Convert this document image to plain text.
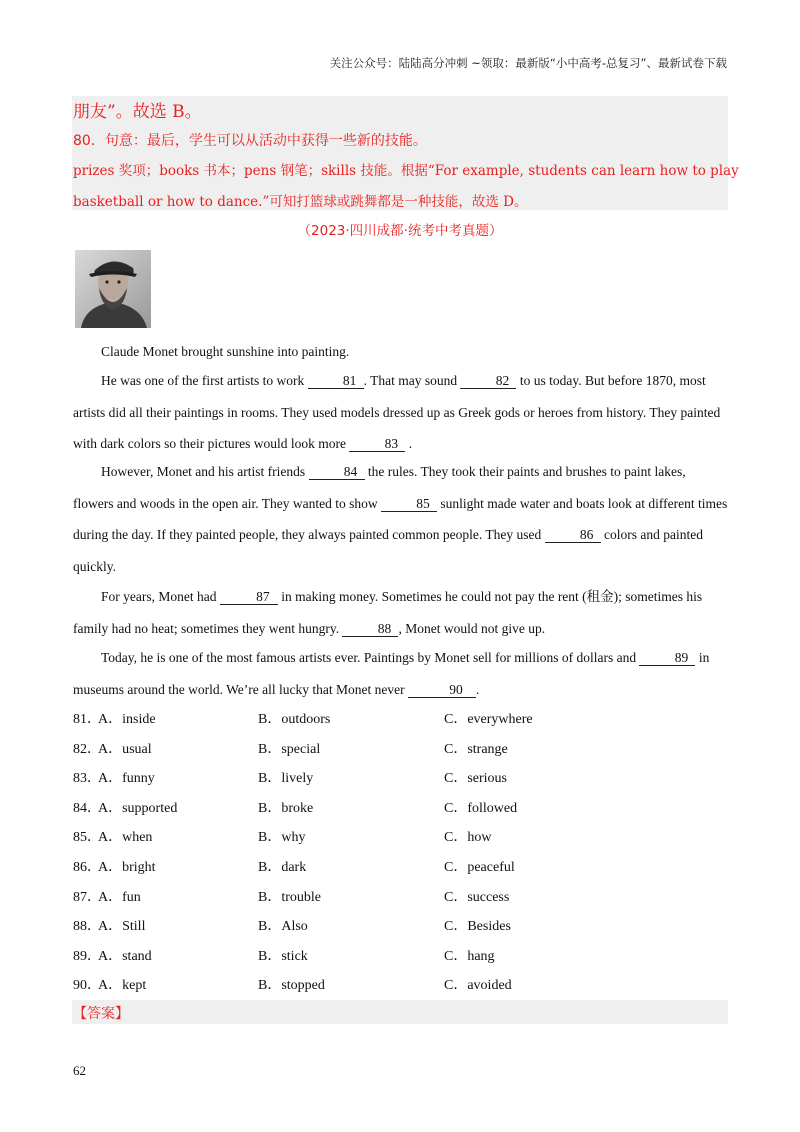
关注公众号：陆陆高分冲刺 ~领取：最新版“小中高考-总复习”、最新试卷下载
朋友”。故选 B。
80．句意：最后，学生可以从活动中获得一些新的技能。
prizes 奖项；books 书本；pens 钢笔；skills 技能。根据“For example, students can learn how to play
basketball or how to dance.”可知打篮球或跳舞都是一种技能，故选 D。
（2023·四川成都·统考中考真题）
Claude Monet brought sunshine into painting.
He was one of the first artists to work	81 . That may sound	82 to us today. But before 1870, most artists did all their paintings in rooms. They used models dressed up as Greek gods or heroes from history. They painted with dark colors so their pictures would look more	83 .
However, Monet and his artist friends	84 the rules. They took their paints and brushes to paint lakes, flowers and woods in the open air. They wanted to show	85 sunlight made water and boats look at different times during the day. If they painted people, they always painted common people. They used	86 colors and painted quickly.
For years, Monet had	87 in making money. Sometimes he could not pay the rent (租金); sometimes his family had no heat; sometimes they went hungry.	88 , Monet would not give up.
Today, he is one of the most famous artists ever. Paintings by Monet sell for millions of dollars and	89 in museums around the world. We’re all lucky that Monet never	90 .
81．
A．inside	B．outdoors	C．everywhere
82．
A．usual	B．special	C．strange
83．
A．funny	B．lively	C．serious
84．
A．supported	B．broke	C．followed
85．
A．when	B．why	C．how
86．
A．bright	B．dark	C．peaceful
87．
A．fun	B．trouble	C．success
88．
A．Still	B．Also	C．Besides
89．
A．stand	B．stick	C．hang
90．
A．kept	B．stopped	C．avoided
【答案】
62
